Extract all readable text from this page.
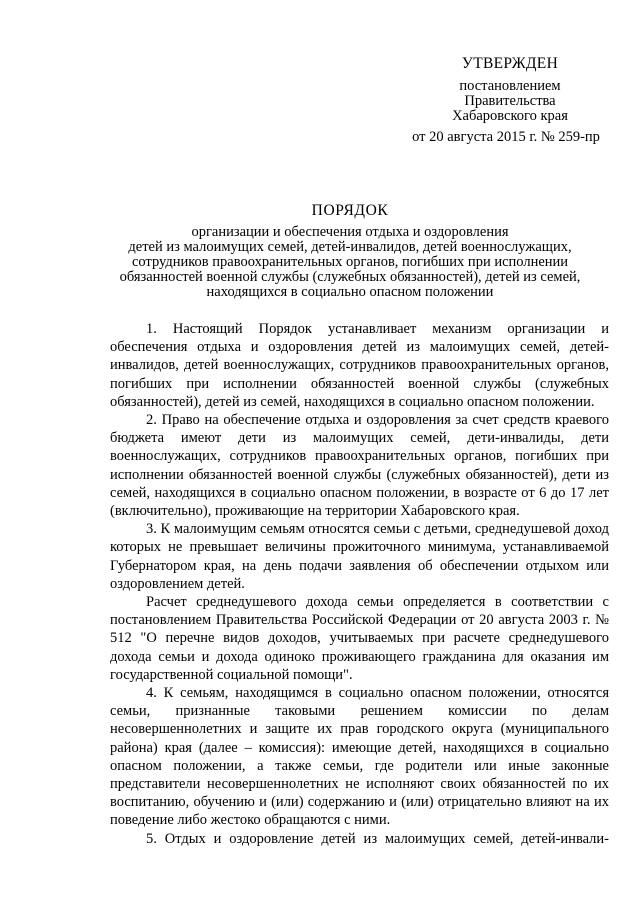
УТВЕРЖДЕН
постановлением
Правительства
Хабаровского края
от 20 августа 2015 г. № 259-пр
ПОРЯДОК
организации и обеспечения отдыха и оздоровления
детей из малоимущих семей, детей-инвалидов, детей военнослужащих,
сотрудников правоохранительных органов, погибших при исполнении
обязанностей военной службы (служебных обязанностей), детей из семей,
находящихся в социально опасном положении

1. Настоящий Порядок устанавливает механизм организации и обеспечения отдыха и оздоровления детей из малоимущих семей, детей-инвалидов, детей военнослужащих, сотрудников правоохранительных органов, погибших при исполнении обязанностей военной службы (служебных обязанностей), детей из семей, находящихся в социально опасном положении.

2. Право на обеспечение отдыха и оздоровления за счет средств краевого бюджета имеют дети из малоимущих семей, дети-инвалиды, дети военнослужащих, сотрудников правоохранительных органов, погибших при исполнении обязанностей военной службы (служебных обязанностей), дети из семей, находящихся в социально опасном положении, в возрасте от 6 до 17 лет (включительно), проживающие на территории Хабаровского края.

3. К малоимущим семьям относятся семьи с детьми, среднедушевой доход которых не превышает величины прожиточного минимума, устанавливаемой Губернатором края, на день подачи заявления об обеспечении отдыхом или оздоровлением детей.

Расчет среднедушевого дохода семьи определяется в соответствии с постановлением Правительства Российской Федерации от 20 августа 2003 г. № 512 "О перечне видов доходов, учитываемых при расчете среднедушевого дохода семьи и дохода одиноко проживающего гражданина для оказания им государственной социальной помощи".

4. К семьям, находящимся в социально опасном положении, относятся семьи, признанные таковыми решением комиссии по делам несовершеннолетних и защите их прав городского округа (муниципального района) края (далее – комиссия): имеющие детей, находящихся в социально опасном положении, а также семьи, где родители или иные законные представители несовершеннолетних не исполняют своих обязанностей по их воспитанию, обучению и (или) содержанию и (или) отрицательно влияют на их поведение либо жестоко обращаются с ними.

5. Отдых и оздоровление детей из малоимущих семей, детей-инвали-
